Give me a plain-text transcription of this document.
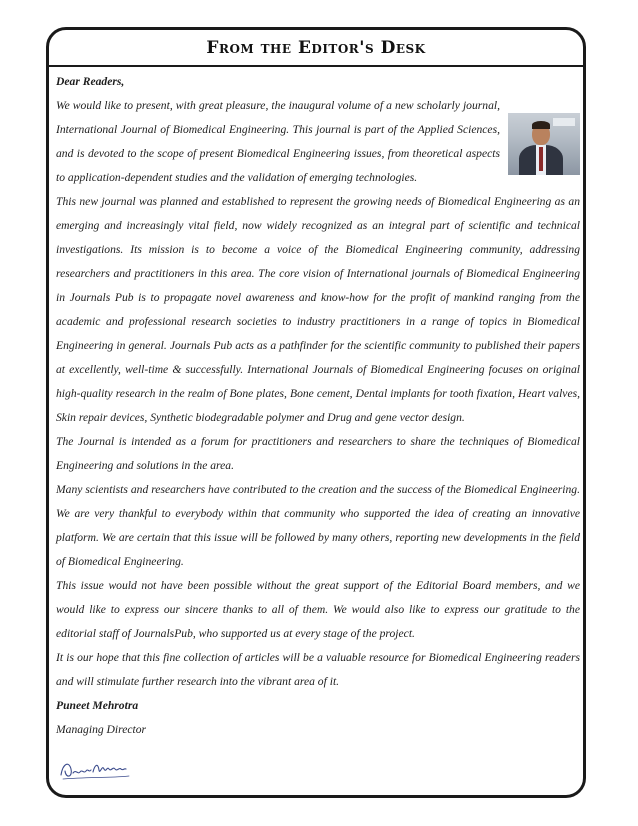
From the Editor's Desk

Dear Readers,

We would like to present, with great pleasure, the inaugural volume of a new scholarly journal, International Journal of Biomedical Engineering. This journal is part of the Applied Sciences, and is devoted to the scope of present Biomedical Engineering issues, from theoretical aspects to application-dependent studies and the validation of emerging technologies.

This new journal was planned and established to represent the growing needs of Biomedical Engineering as an emerging and increasingly vital field, now widely recognized as an integral part of scientific and technical investigations. Its mission is to become a voice of the Biomedical Engineering community, addressing researchers and practitioners in this area. The core vision of International journals of Biomedical Engineering in Journals Pub is to propagate novel awareness and know-how for the profit of mankind ranging from the academic and professional research societies to industry practitioners in a range of topics in Biomedical Engineering in general. Journals Pub acts as a pathfinder for the scientific community to published their papers at excellently, well-time & successfully. International Journals of Biomedical Engineering focuses on original high-quality research in the realm of Bone plates, Bone cement, Dental implants for tooth fixation, Heart valves, Skin repair devices, Synthetic biodegradable polymer and Drug and gene vector design.

The Journal is intended as a forum for practitioners and researchers to share the techniques of Biomedical Engineering and solutions in the area.

Many scientists and researchers have contributed to the creation and the success of the Biomedical Engineering. We are very thankful to everybody within that community who supported the idea of creating an innovative platform. We are certain that this issue will be followed by many others, reporting new developments in the field of Biomedical Engineering.

This issue would not have been possible without the great support of the Editorial Board members, and we would like to express our sincere thanks to all of them. We would also like to express our gratitude to the editorial staff of JournalsPub, who supported us at every stage of the project.

It is our hope that this fine collection of articles will be a valuable resource for Biomedical Engineering readers and will stimulate further research into the vibrant area of it.

Puneet Mehrotra

Managing Director
